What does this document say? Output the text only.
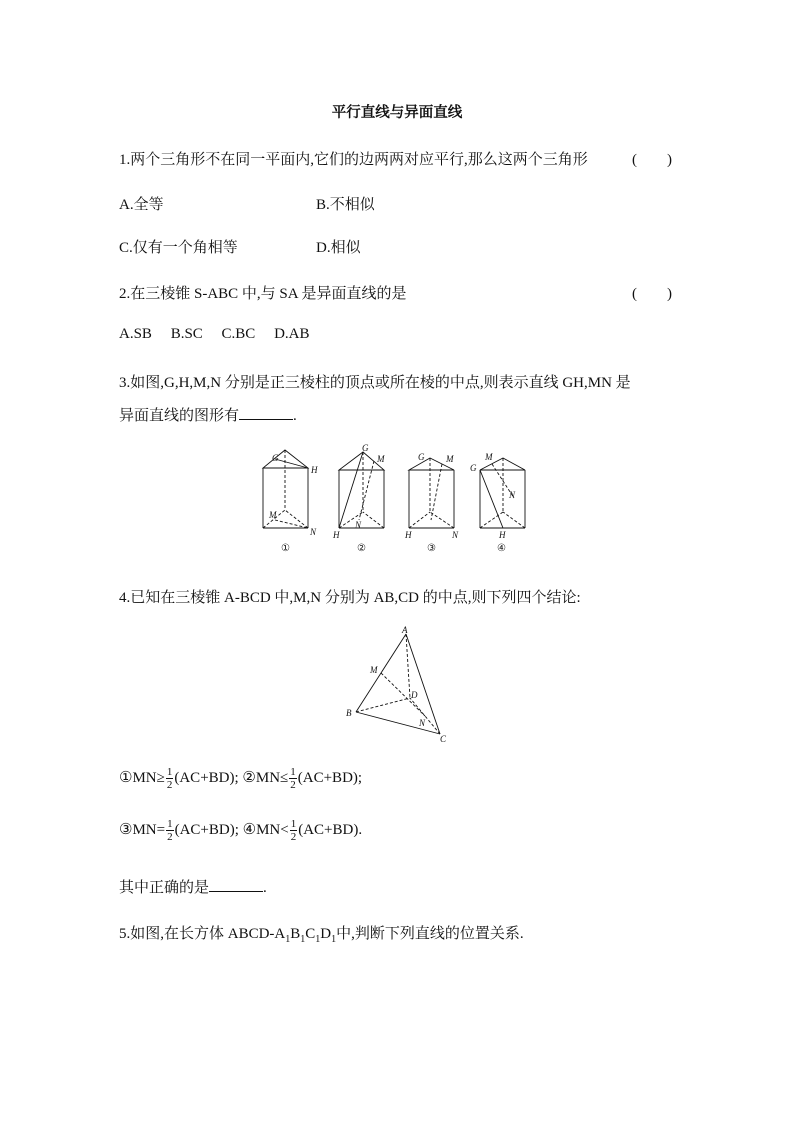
平行直线与异面直线
1.两个三角形不在同一平面内,它们的边两两对应平行,那么这两个三角形	(　　)
A.全等	B.不相似
C.仅有一个角相等	D.相似
2.在三棱锥 S-ABC 中,与 SA 是异面直线的是	(　　)
A.SB B.SC C.BC D.AB
3.如图,G,H,M,N 分别是正三棱柱的顶点或所在棱的中点,则表示直线 GH,MN 是
异面直线的图形有	.
G
H
M
N
①
G
M
H
N
②
G M
H	N
③
M
G
N
H
④
4.已知在三棱锥 A-BCD 中,M,N 分别为 AB,CD 的中点,则下列四个结论:
A
M
D
B
N
C
①MN≥ $\frac{1}{2} (AC+BD)$; ②MN≤ $\frac{1}{2} (AC+BD)$;
③MN= $\frac{1}{2} (AC+BD)$; ④MN< $\frac{1}{2} (AC+BD)$.
其中正确的是	.
5.如图,在长方体 ABCD-$A_1B_1C_1D_1$中,判断下列直线的位置关系.
